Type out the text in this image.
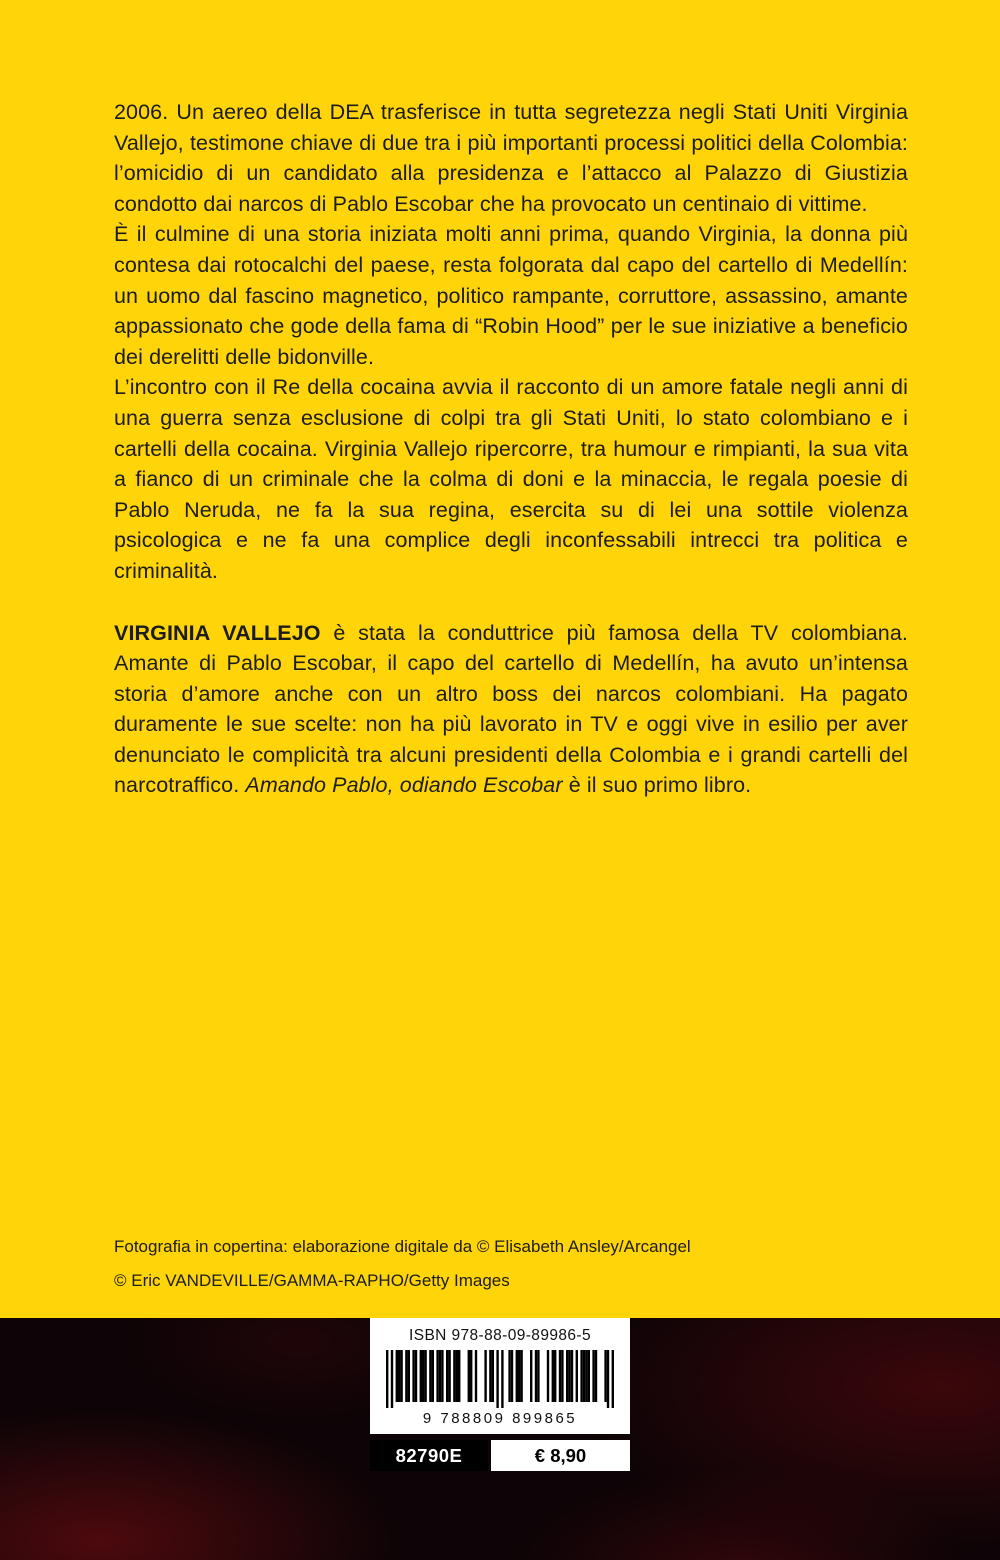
2006. Un aereo della DEA trasferisce in tutta segretezza negli Stati Uniti Virginia Vallejo, testimone chiave di due tra i più importanti processi politici della Colombia: l’omicidio di un candidato alla presidenza e l’attacco al Palazzo di Giustizia condotto dai narcos di Pablo Escobar che ha provocato un centinaio di vittime.

È il culmine di una storia iniziata molti anni prima, quando Virginia, la donna più contesa dai rotocalchi del paese, resta folgorata dal capo del cartello di Medellín: un uomo dal fascino magnetico, politico rampante, corruttore, assassino, amante appassionato che gode della fama di “Robin Hood” per le sue iniziative a beneficio dei derelitti delle bidonville.

L’incontro con il Re della cocaina avvia il racconto di un amore fatale negli anni di una guerra senza esclusione di colpi tra gli Stati Uniti, lo stato colombiano e i cartelli della cocaina. Virginia Vallejo ripercorre, tra humour e rimpianti, la sua vita a fianco di un criminale che la colma di doni e la minaccia, le regala poesie di Pablo Neruda, ne fa la sua regina, esercita su di lei una sottile violenza psicologica e ne fa una complice degli inconfessabili intrecci tra politica e criminalità.

VIRGINIA VALLEJO è stata la conduttrice più famosa della TV colombiana. Amante di Pablo Escobar, il capo del cartello di Medellín, ha avuto un’intensa storia d’amore anche con un altro boss dei narcos colombiani. Ha pagato duramente le sue scelte: non ha più lavorato in TV e oggi vive in esilio per aver denunciato le complicità tra alcuni presidenti della Colombia e i grandi cartelli del narcotraffico. Amando Pablo, odiando Escobar è il suo primo libro.

Fotografia in copertina: elaborazione digitale da © Elisabeth Ansley/Arcangel

© Eric VANDEVILLE/GAMMA-RAPHO/Getty Images

ISBN 978-88-09-89986-5
9 788809 899865
82790E	€ 8,90
